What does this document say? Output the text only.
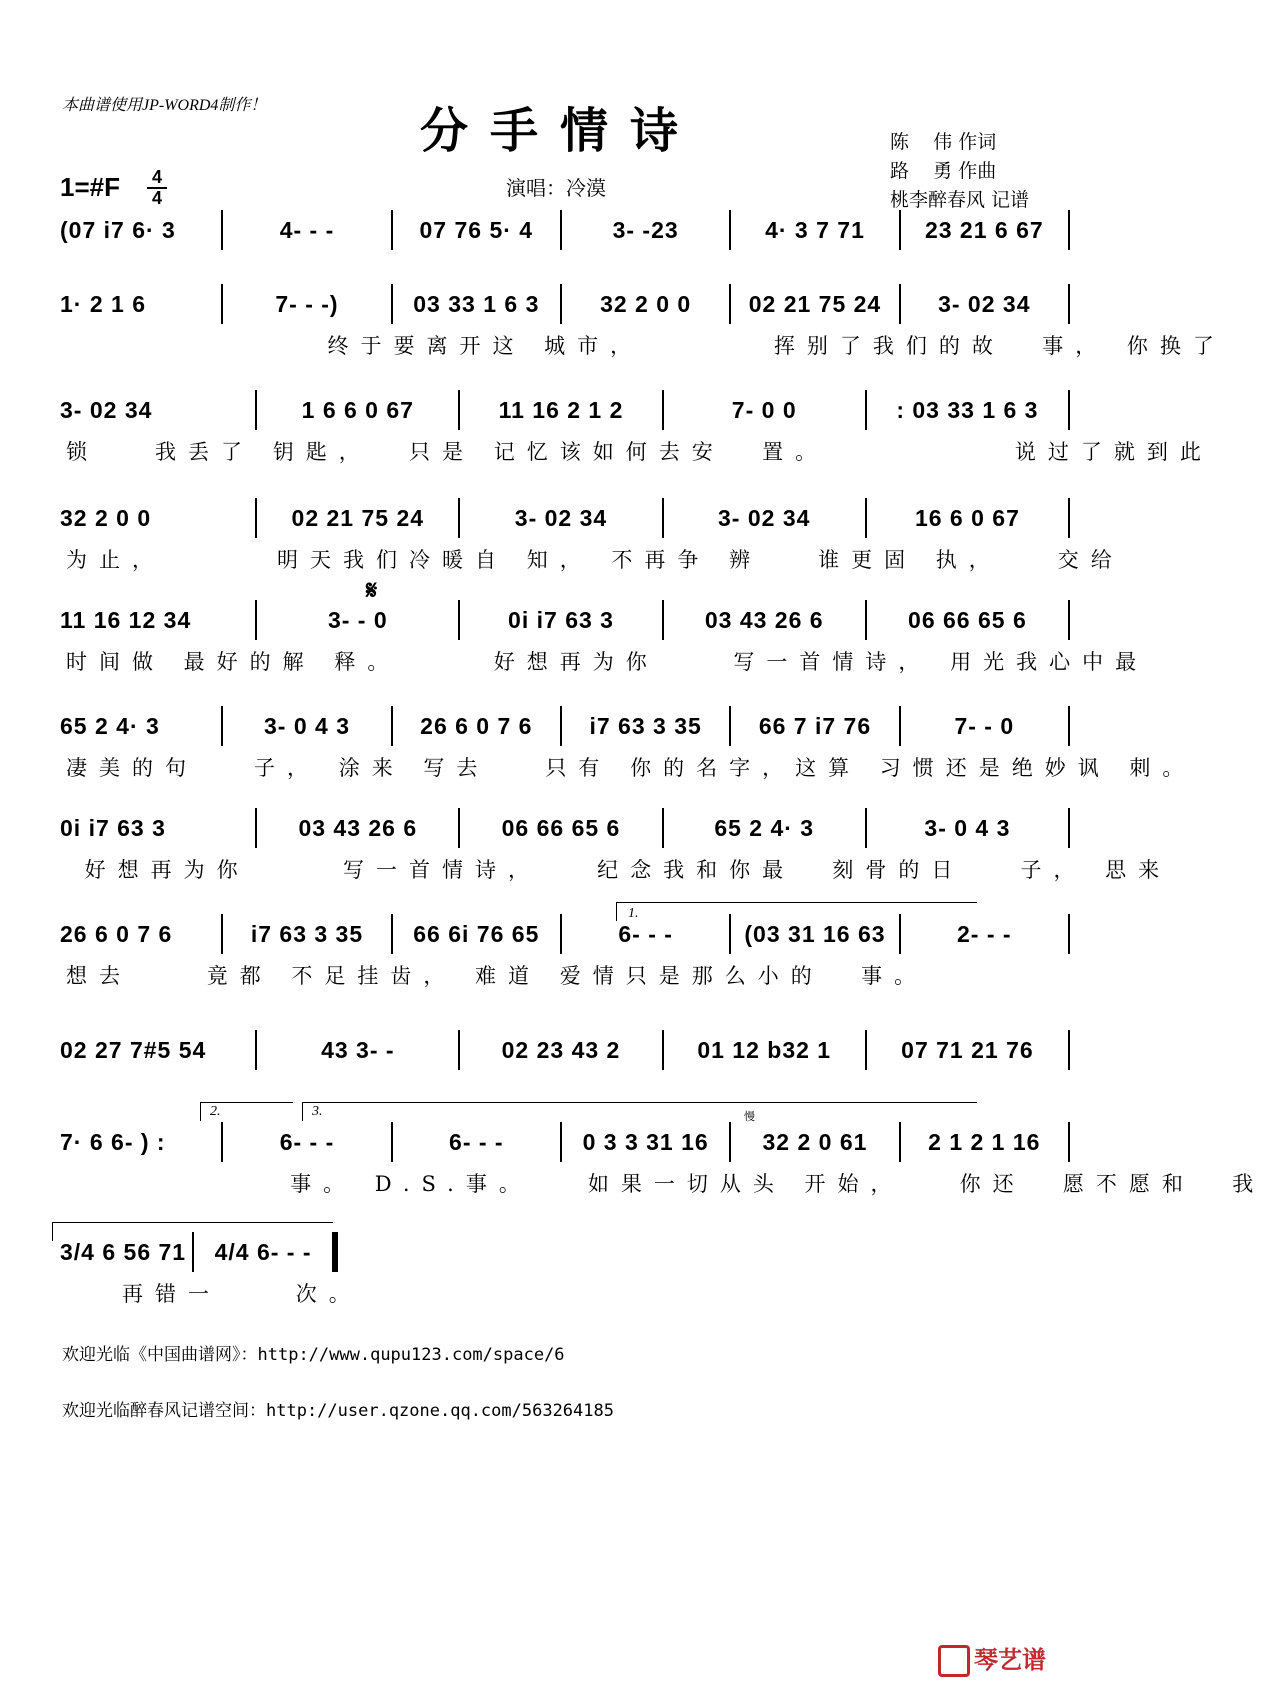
本曲谱使用JP-WORD4制作！	分手情诗
1=#F	4
4	演唱：冷漠
陈    伟 作词
路    勇 作曲
桃李醉春风 记谱
(07 i7 6· 3	4- - -	07 76 5· 4	3- -23	4· 3 7 71	23 21 6 67
1· 2 1 6	7- - -)	03 33 1 6 3	32 2 0 0	02 21 75 24	3- 02 34
终于要离开这 城市，       挥别了我们的故  事， 你换了
3- 02 34	1 6 6 0 67	11 16 2 1 2	7- 0 0	: 03 33 1 6 3
锁   我丢了 钥匙，  只是 记忆该如何去安  置。          说过了就到此
32 2 0 0	02 21 75 24	3- 02 34	3- 02 34	16 6 0 67
为止，      明天我们冷暖自 知， 不再争 辨   谁更固 执，   交给
11 16 12 34	3- - 0	0i i7 63 3	03 43 26 6	06 66 65 6
时间做 最好的解 释。     好想再为你    写一首情诗， 用光我心中最
65 2 4· 3	3- 0 4 3	26 6 0 7 6	i7 63 3 35	66 7 i7 76	7- - 0
凄美的句   子， 涂来 写去   只有 你的名字，这算 习惯还是绝妙讽 刺。
0i i7 63 3	03 43 26 6	06 66 65 6	65 2 4· 3	3- 0 4 3
好想再为你     写一首情诗，   纪念我和你最  刻骨的日   子， 思来
26 6 0 7 6	i7 63 3 35	66 6i 76 65	6- - -	(03 31 16 63	2- - -
想去    竟都 不足挂齿， 难道 爱情只是那么小的  事。
02 27 7#5 54	43 3- -	02 23 43 2	01 12 b32 1	07 71 21 76
7· 6 6- ) :	6- - -	6- - -	0 3 3 31 16	32 2 0 61	2 1 2 1 16
事。 D.S.事。   如果一切从头 开始，   你还  愿不愿和  我
3/4 6 56 71	4/4 6- - -
再错一    次。
𝄋
1.
2.	3.	慢
欢迎光临《中国曲谱网》：http://www.qupu123.com/space/6
欢迎光临醉春风记谱空间：http://user.qzone.qq.com/563264185
琴艺谱
